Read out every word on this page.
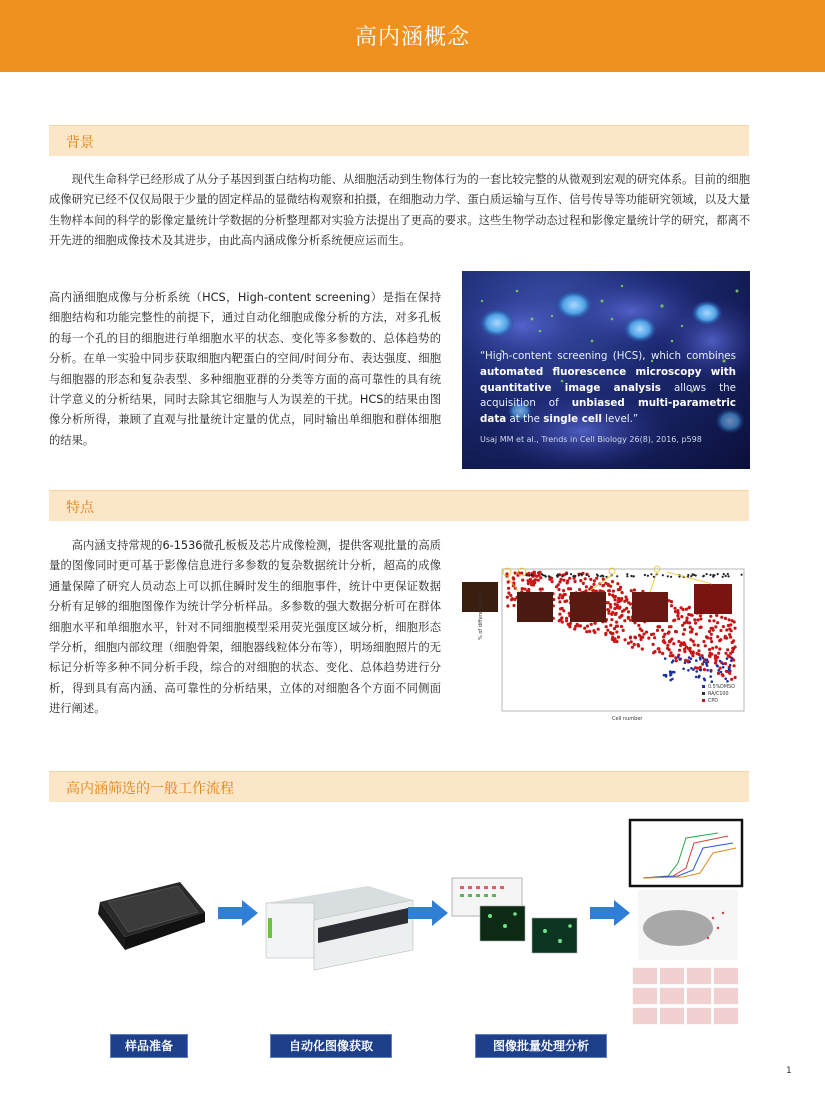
高内涵概念
背景
现代生命科学已经形成了从分子基因到蛋白结构功能、从细胞活动到生物体行为的一套比较完整的从微观到宏观的研究体系。目前的细胞成像研究已经不仅仅局限于少量的固定样品的显微结构观察和拍摄，在细胞动力学、蛋白质运输与互作、信号传导等功能研究领域，以及大量生物样本间的科学的影像定量统计学数据的分析整理都对实验方法提出了更高的要求。这些生物学动态过程和影像定量统计学的研究，都离不开先进的细胞成像技术及其进步，由此高内涵成像分析系统便应运而生。
高内涵细胞成像与分析系统（HCS，High-content screening）是指在保持细胞结构和功能完整性的前提下，通过自动化细胞成像分析的方法，对多孔板的每一个孔的目的细胞进行单细胞水平的状态、变化等多参数的、总体趋势的分析。在单一实验中同步获取细胞内靶蛋白的空间/时间分布、表达强度、细胞与细胞器的形态和复杂表型、多种细胞亚群的分类等方面的高可靠性的具有统计学意义的分析结果，同时去除其它细胞与人为误差的干扰。HCS的结果由图像分析所得，兼顾了直观与批量统计定量的优点，同时输出单细胞和群体细胞的结果。
“High-content screening (HCS), which combines automated fluorescence microscopy with quantitative image analysis allows the acquisition of unbiased multi-parametric data at the single cell level.”
Usaj MM et al., Trends in Cell Biology 26(8), 2016, p598
特点
高内涵支持常规的6-1536微孔板板及芯片成像检测，提供客观批量的高质量的图像同时更可基于影像信息进行多参数的复杂数据统计分析，超高的成像通量保障了研究人员动态上可以抓住瞬时发生的细胞事件，统计中更保证数据分析有足够的细胞图像作为统计学分析样品。多参数的强大数据分析可在群体细胞水平和单细胞水平，针对不同细胞模型采用荧光强度区域分析，细胞形态学分析，细胞内部纹理（细胞骨架，细胞器线粒体分布等），明场细胞照片的无标记分析等多种不同分析手段，综合的对细胞的状态、变化、总体趋势进行分析，得到具有高内涵、高可靠性的分析结果，立体的对细胞各个方面不同侧面进行阐述。
% of differentiation
Cell number
0.5%DMSO
RA/C100
CPD
高内涵筛选的一般工作流程
样品准备	自动化图像获取	图像批量处理分析
1
